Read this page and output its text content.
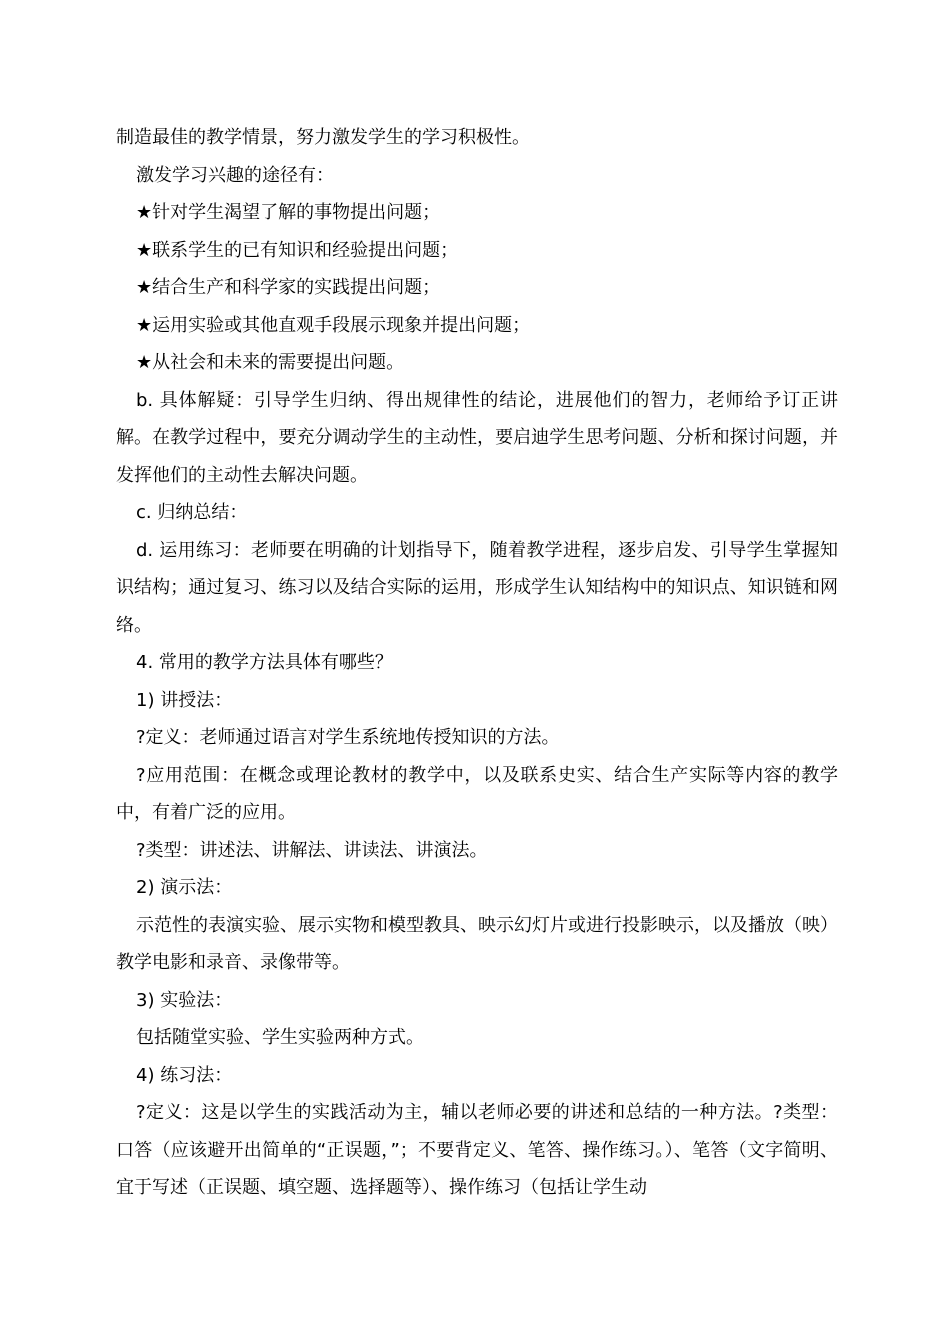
制造最佳的教学情景，努力激发学生的学习积极性。

激发学习兴趣的途径有：

★针对学生渴望了解的事物提出问题；

★联系学生的已有知识和经验提出问题；

★结合生产和科学家的实践提出问题；

★运用实验或其他直观手段展示现象并提出问题；

★从社会和未来的需要提出问题。

b. 具体解疑：引导学生归纳、得出规律性的结论，进展他们的智力，老师给予订正讲解。在教学过程中，要充分调动学生的主动性，要启迪学生思考问题、分析和探讨问题，并发挥他们的主动性去解决问题。

c. 归纳总结：

d. 运用练习：老师要在明确的计划指导下，随着教学进程，逐步启发、引导学生掌握知识结构；通过复习、练习以及结合实际的运用，形成学生认知结构中的知识点、知识链和网络。

4. 常用的教学方法具体有哪些？

1) 讲授法：

?定义：老师通过语言对学生系统地传授知识的方法。

?应用范围：在概念或理论教材的教学中，以及联系史实、结合生产实际等内容的教学中，有着广泛的应用。

?类型：讲述法、讲解法、讲读法、讲演法。

2) 演示法：

示范性的表演实验、展示实物和模型教具、映示幻灯片或进行投影映示，以及播放（映）教学电影和录音、录像带等。

3) 实验法：

包括随堂实验、学生实验两种方式。

4) 练习法：

?定义：这是以学生的实践活动为主，辅以老师必要的讲述和总结的一种方法。?类型：口答（应该避开出简单的“正误题，”；不要背定义、笔答、操作练习。）、笔答（文字简明、宜于写述（正误题、填空题、选择题等）、操作练习（包括让学生动
